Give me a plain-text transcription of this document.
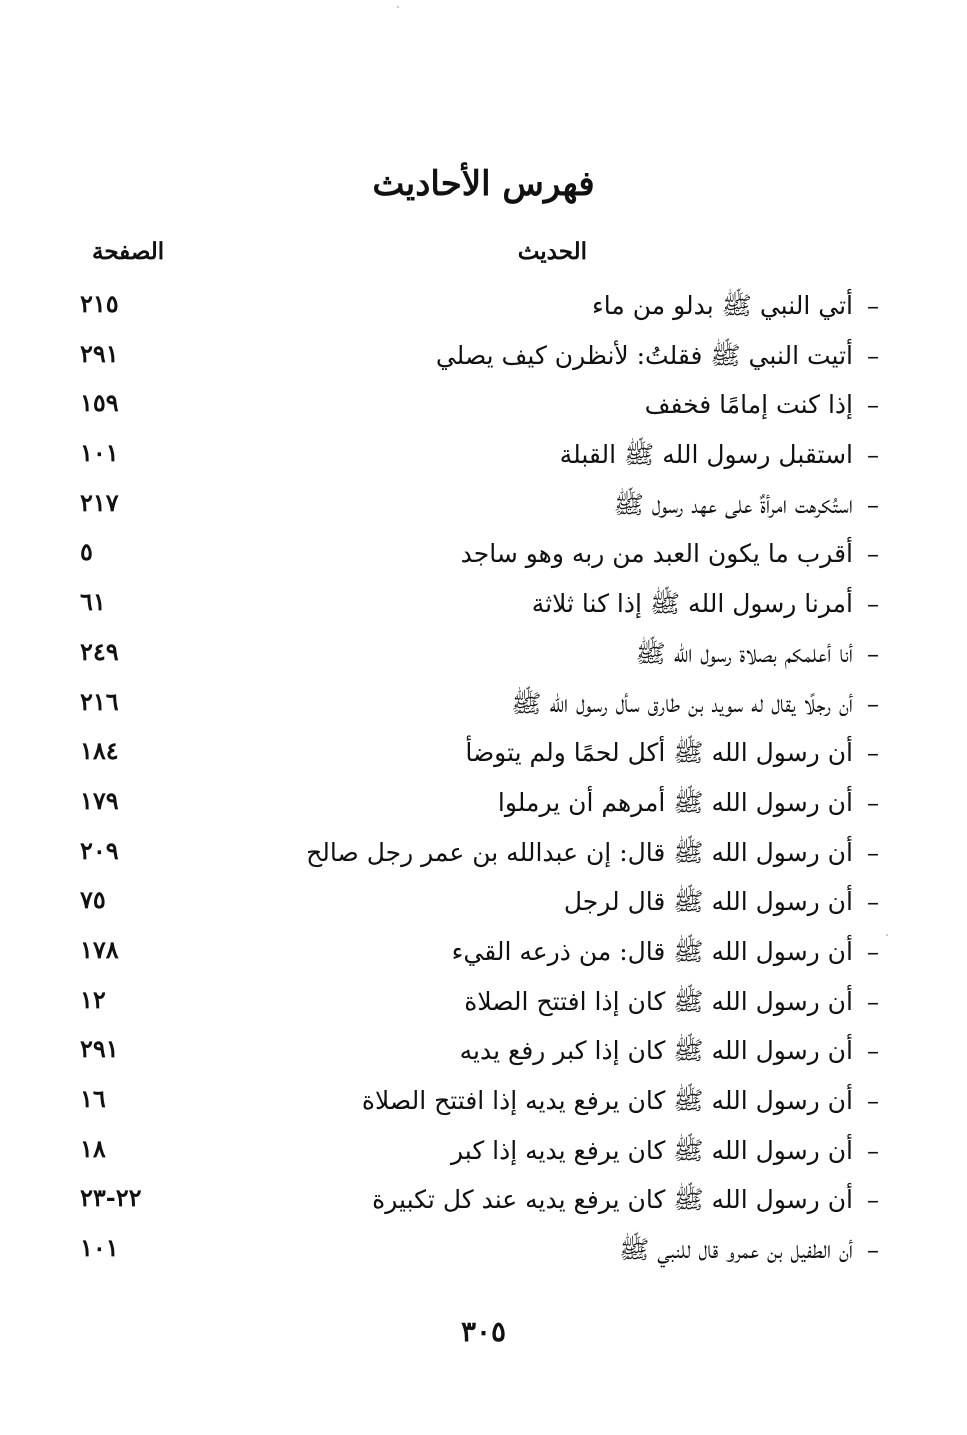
فهرس الأحاديث
الحديث
الصفحة
–
أتي النبي ﷺ بدلو من ماء
٢١٥
–
أتيت النبي ﷺ فقلتُ: لأنظرن كيف يصلي
٢٩١
–
إذا كنت إمامًا فخفف
١٥٩
–
استقبل رسول الله ﷺ القبلة
١٠١
–
استُكرهت امرأةٌ على عهد رسول ﷺ
٢١٧
–
أقرب ما يكون العبد من ربه وهو ساجد
٥
–
أمرنا رسول الله ﷺ إذا كنا ثلاثة
٦١
–
أنا أعلمكم بصلاة رسول الله ﷺ
٢٤٩
–
أن رجلًا يقال له سويد بن طارق سأل رسول الله ﷺ
٢١٦
–
أن رسول الله ﷺ أكل لحمًا ولم يتوضأ
١٨٤
–
أن رسول الله ﷺ أمرهم أن يرملوا
١٧٩
–
أن رسول الله ﷺ قال: إن عبدالله بن عمر رجل صالح
٢٠٩
–
أن رسول الله ﷺ قال لرجل
٧٥
–
أن رسول الله ﷺ قال: من ذرعه القيء
١٧٨
–
أن رسول الله ﷺ كان إذا افتتح الصلاة
١٢
–
أن رسول الله ﷺ كان إذا كبر رفع يديه
٢٩١
–
أن رسول الله ﷺ كان يرفع يديه إذا افتتح الصلاة
١٦
–
أن رسول الله ﷺ كان يرفع يديه إذا كبر
١٨
–
أن رسول الله ﷺ كان يرفع يديه عند كل تكبيرة
٢٢-٢٣
–
أن الطفيل بن عمرو قال للنبي ﷺ
١٠١
٣٠٥
